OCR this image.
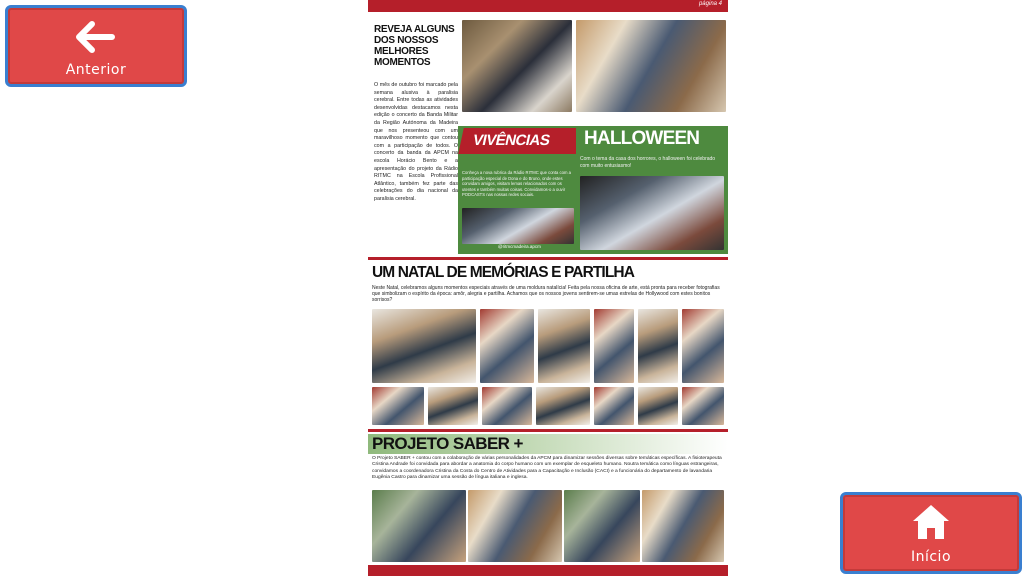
Anterior
Início
página 4
REVEJA ALGUNS DOS NOSSOS MELHORES MOMENTOS
O mês de outubro foi marcado pela semana alusiva à paralisia cerebral. Entre todas as atividades desenvolvidas destacamos nesta edição o concerto da Banda Militar da Região Autónoma da Madeira que nos presenteou com um maravilhoso momento que contou com a participação de todos. O concerto da banda da APCM na escola Horácio Bento e a apresentação do projeto da Rádio RITMC na Escola Profissional Atlântico, também fez parte das celebrações do dia nacional da paralisia cerebral.
VIVÊNCIAS
Conheça a nova rubrica da Rádio RITMC que conta com a participação especial de Dona e do Bruno, onde estes convidam amigos, visitam lemas relacionados com os utentes e também muitas coisas. Convidamos-o a ouvir PODCASTS nas nossas redes sociais.
@ritmcmadeira.apcm
HALLOWEEN
Com o tema da casa dos horrores, o halloween foi celebrado com muito entusiasmo!
UM NATAL DE MEMÓRIAS E PARTILHA
Neste Natal, celebramos alguns momentos especiais através de uma moldura natalícia! Feita pela nossa oficina de arte, está pronta para receber fotografias que simbolizam o espírito da época: amôr, alegria e partilha. Achamos que os nossos jovens sentirem-se umas estrelas de Hollywood com estes bonitos sorrisos?
PROJETO SABER +
O Projeto SABER + contou com a colaboração de várias personalidades da APCM para dinamizar sessões diversas sobre temáticas específicas. A fisioterapeuta Cristina Andrade foi convidada para abordar a anatomia do corpo humano com um exemplar de esqueleto humano. Noutra temática como línguas estrangeiras, convidamos a coordenadora Cristina da Costa do Centro de Atividades para a Capacitação e Inclusão (CACI) e a funcionária do departamento de lavandaria Eugênia Castro para dinamizar uma sessão de língua italiana e inglesa.
